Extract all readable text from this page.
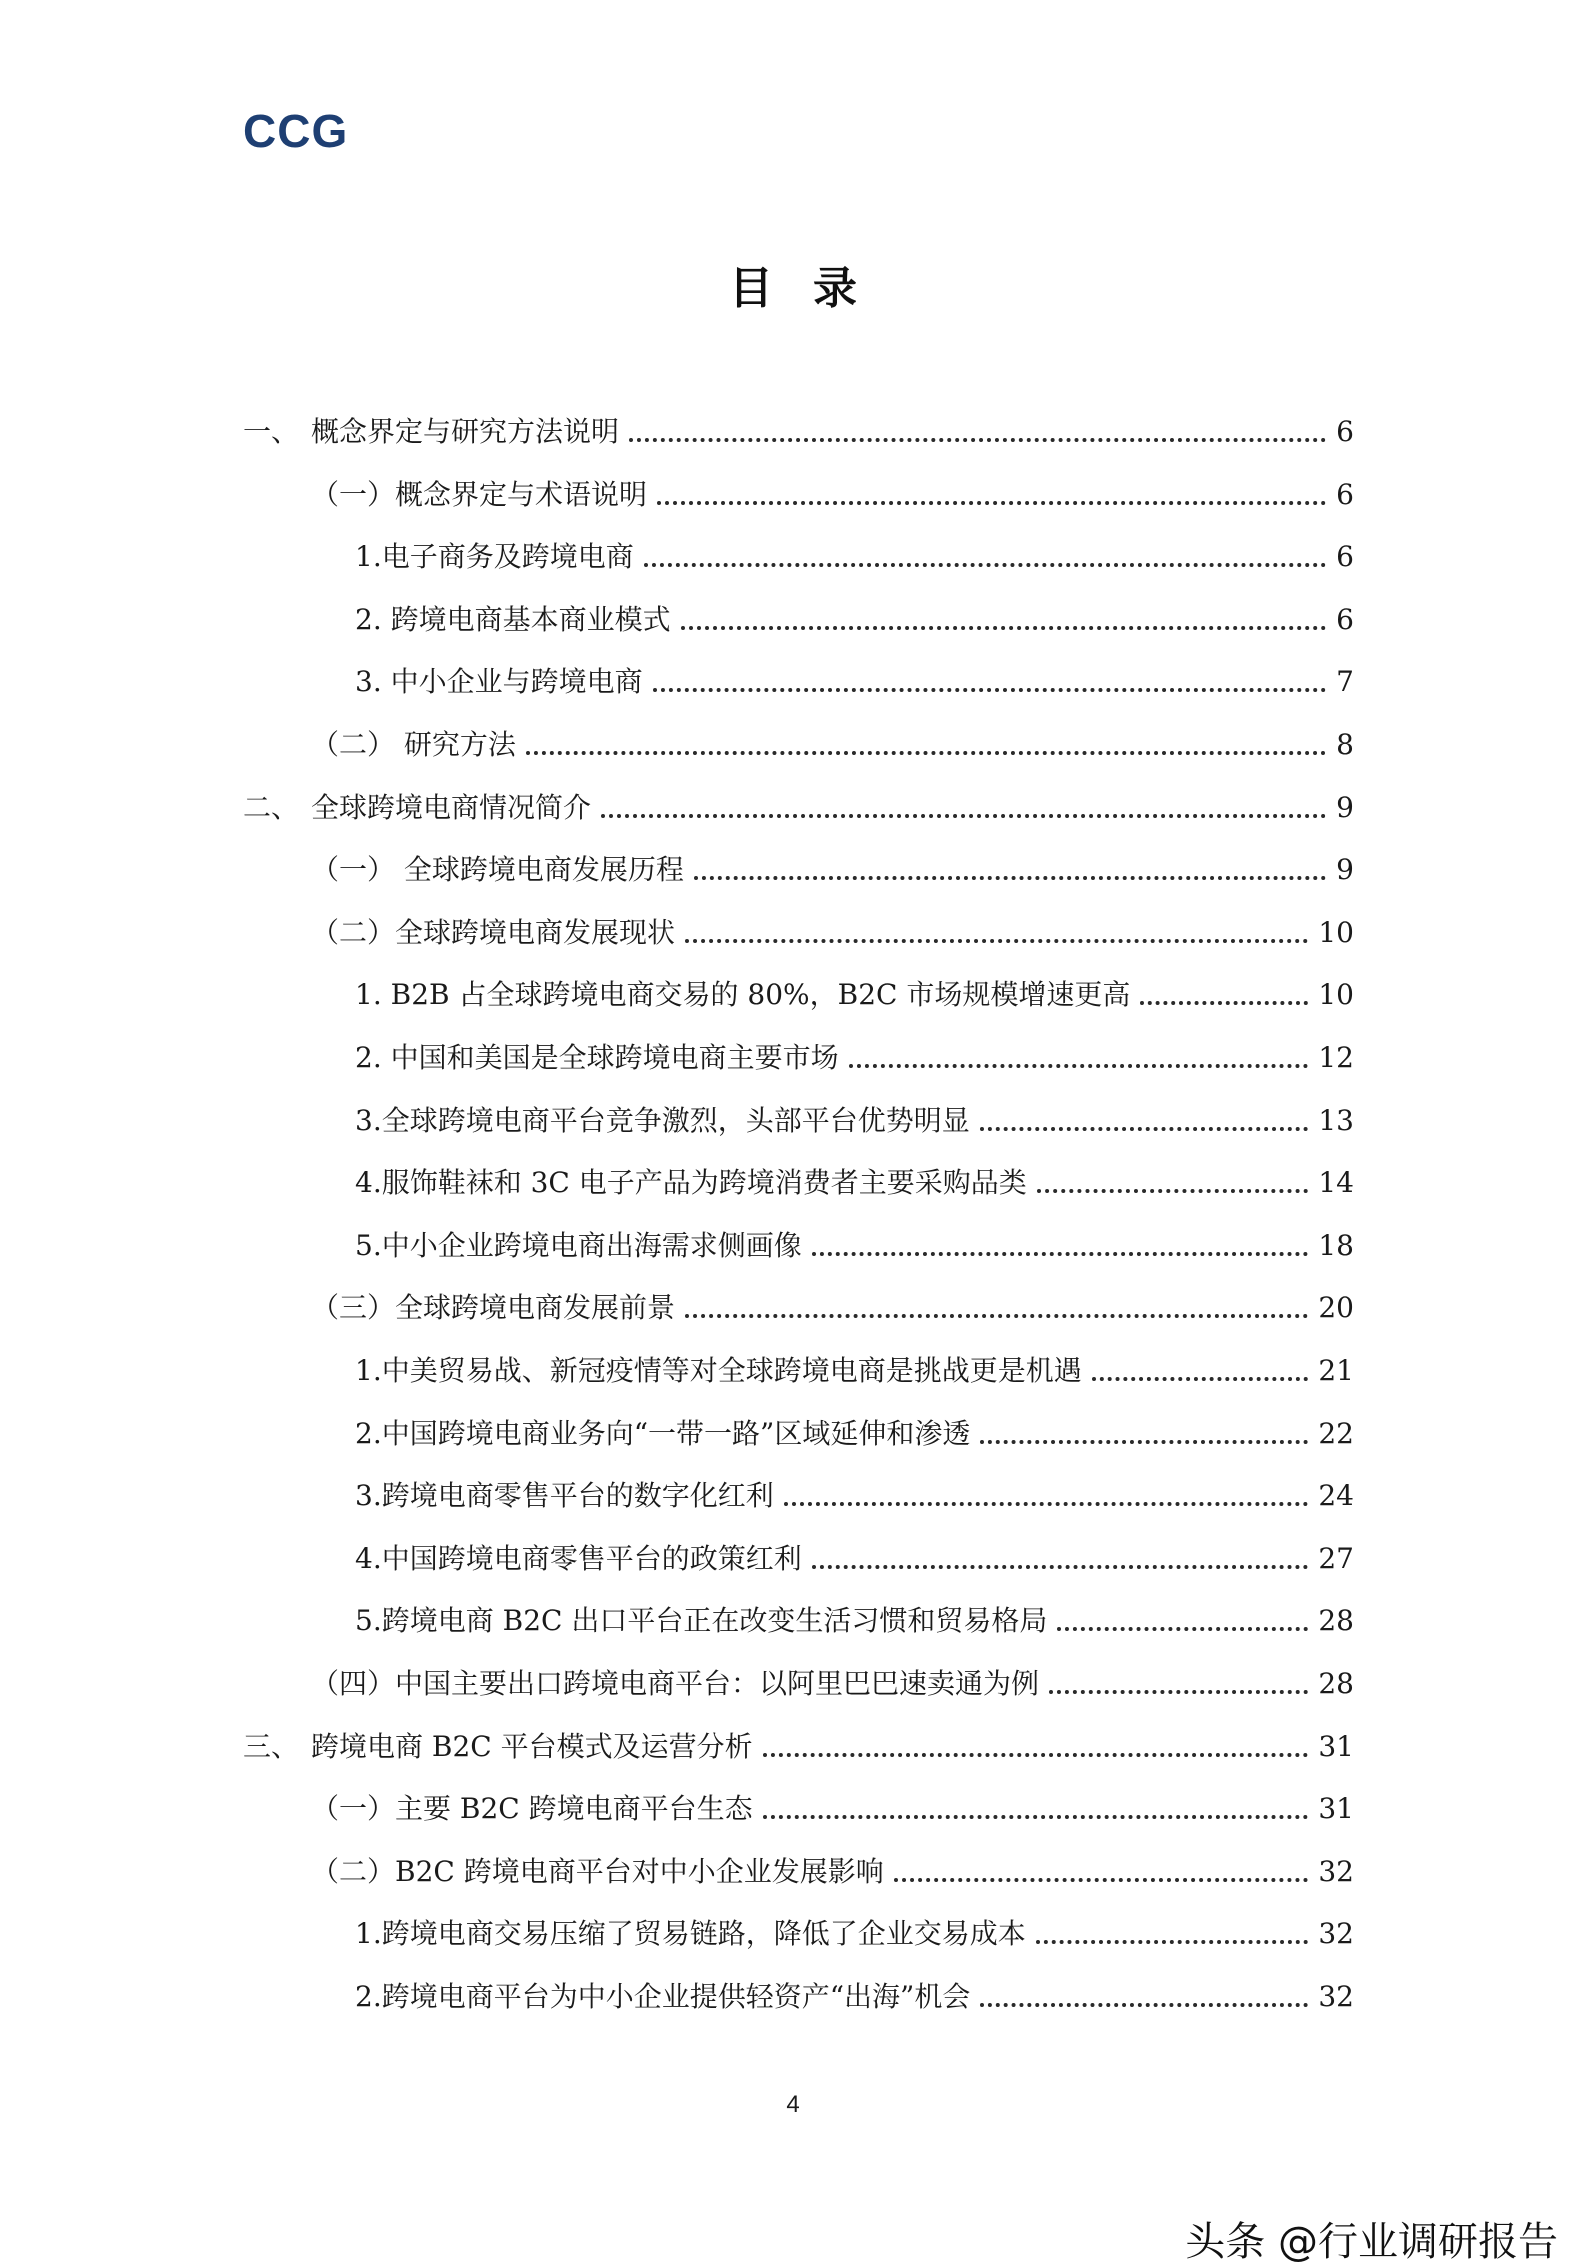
CCG
目录
一、 概念界定与研究方法说明	6
（一）概念界定与术语说明	6
1.电子商务及跨境电商	6
2. 跨境电商基本商业模式	6
3. 中小企业与跨境电商	7
（二） 研究方法	8
二、 全球跨境电商情况简介	9
（一） 全球跨境电商发展历程	9
（二）全球跨境电商发展现状	10
1. B2B 占全球跨境电商交易的 80%，B2C 市场规模增速更高	10
2. 中国和美国是全球跨境电商主要市场	12
3.全球跨境电商平台竞争激烈，头部平台优势明显	13
4.服饰鞋袜和 3C 电子产品为跨境消费者主要采购品类	14
5.中小企业跨境电商出海需求侧画像	18
（三）全球跨境电商发展前景	20
1.中美贸易战、新冠疫情等对全球跨境电商是挑战更是机遇	21
2.中国跨境电商业务向“一带一路”区域延伸和渗透	22
3.跨境电商零售平台的数字化红利	24
4.中国跨境电商零售平台的政策红利	27
5.跨境电商 B2C 出口平台正在改变生活习惯和贸易格局	28
（四）中国主要出口跨境电商平台：以阿里巴巴速卖通为例	28
三、 跨境电商 B2C 平台模式及运营分析	31
（一）主要 B2C 跨境电商平台生态	31
（二）B2C 跨境电商平台对中小企业发展影响	32
1.跨境电商交易压缩了贸易链路，降低了企业交易成本	32
2.跨境电商平台为中小企业提供轻资产“出海”机会	32
4
头条 @行业调研报告
